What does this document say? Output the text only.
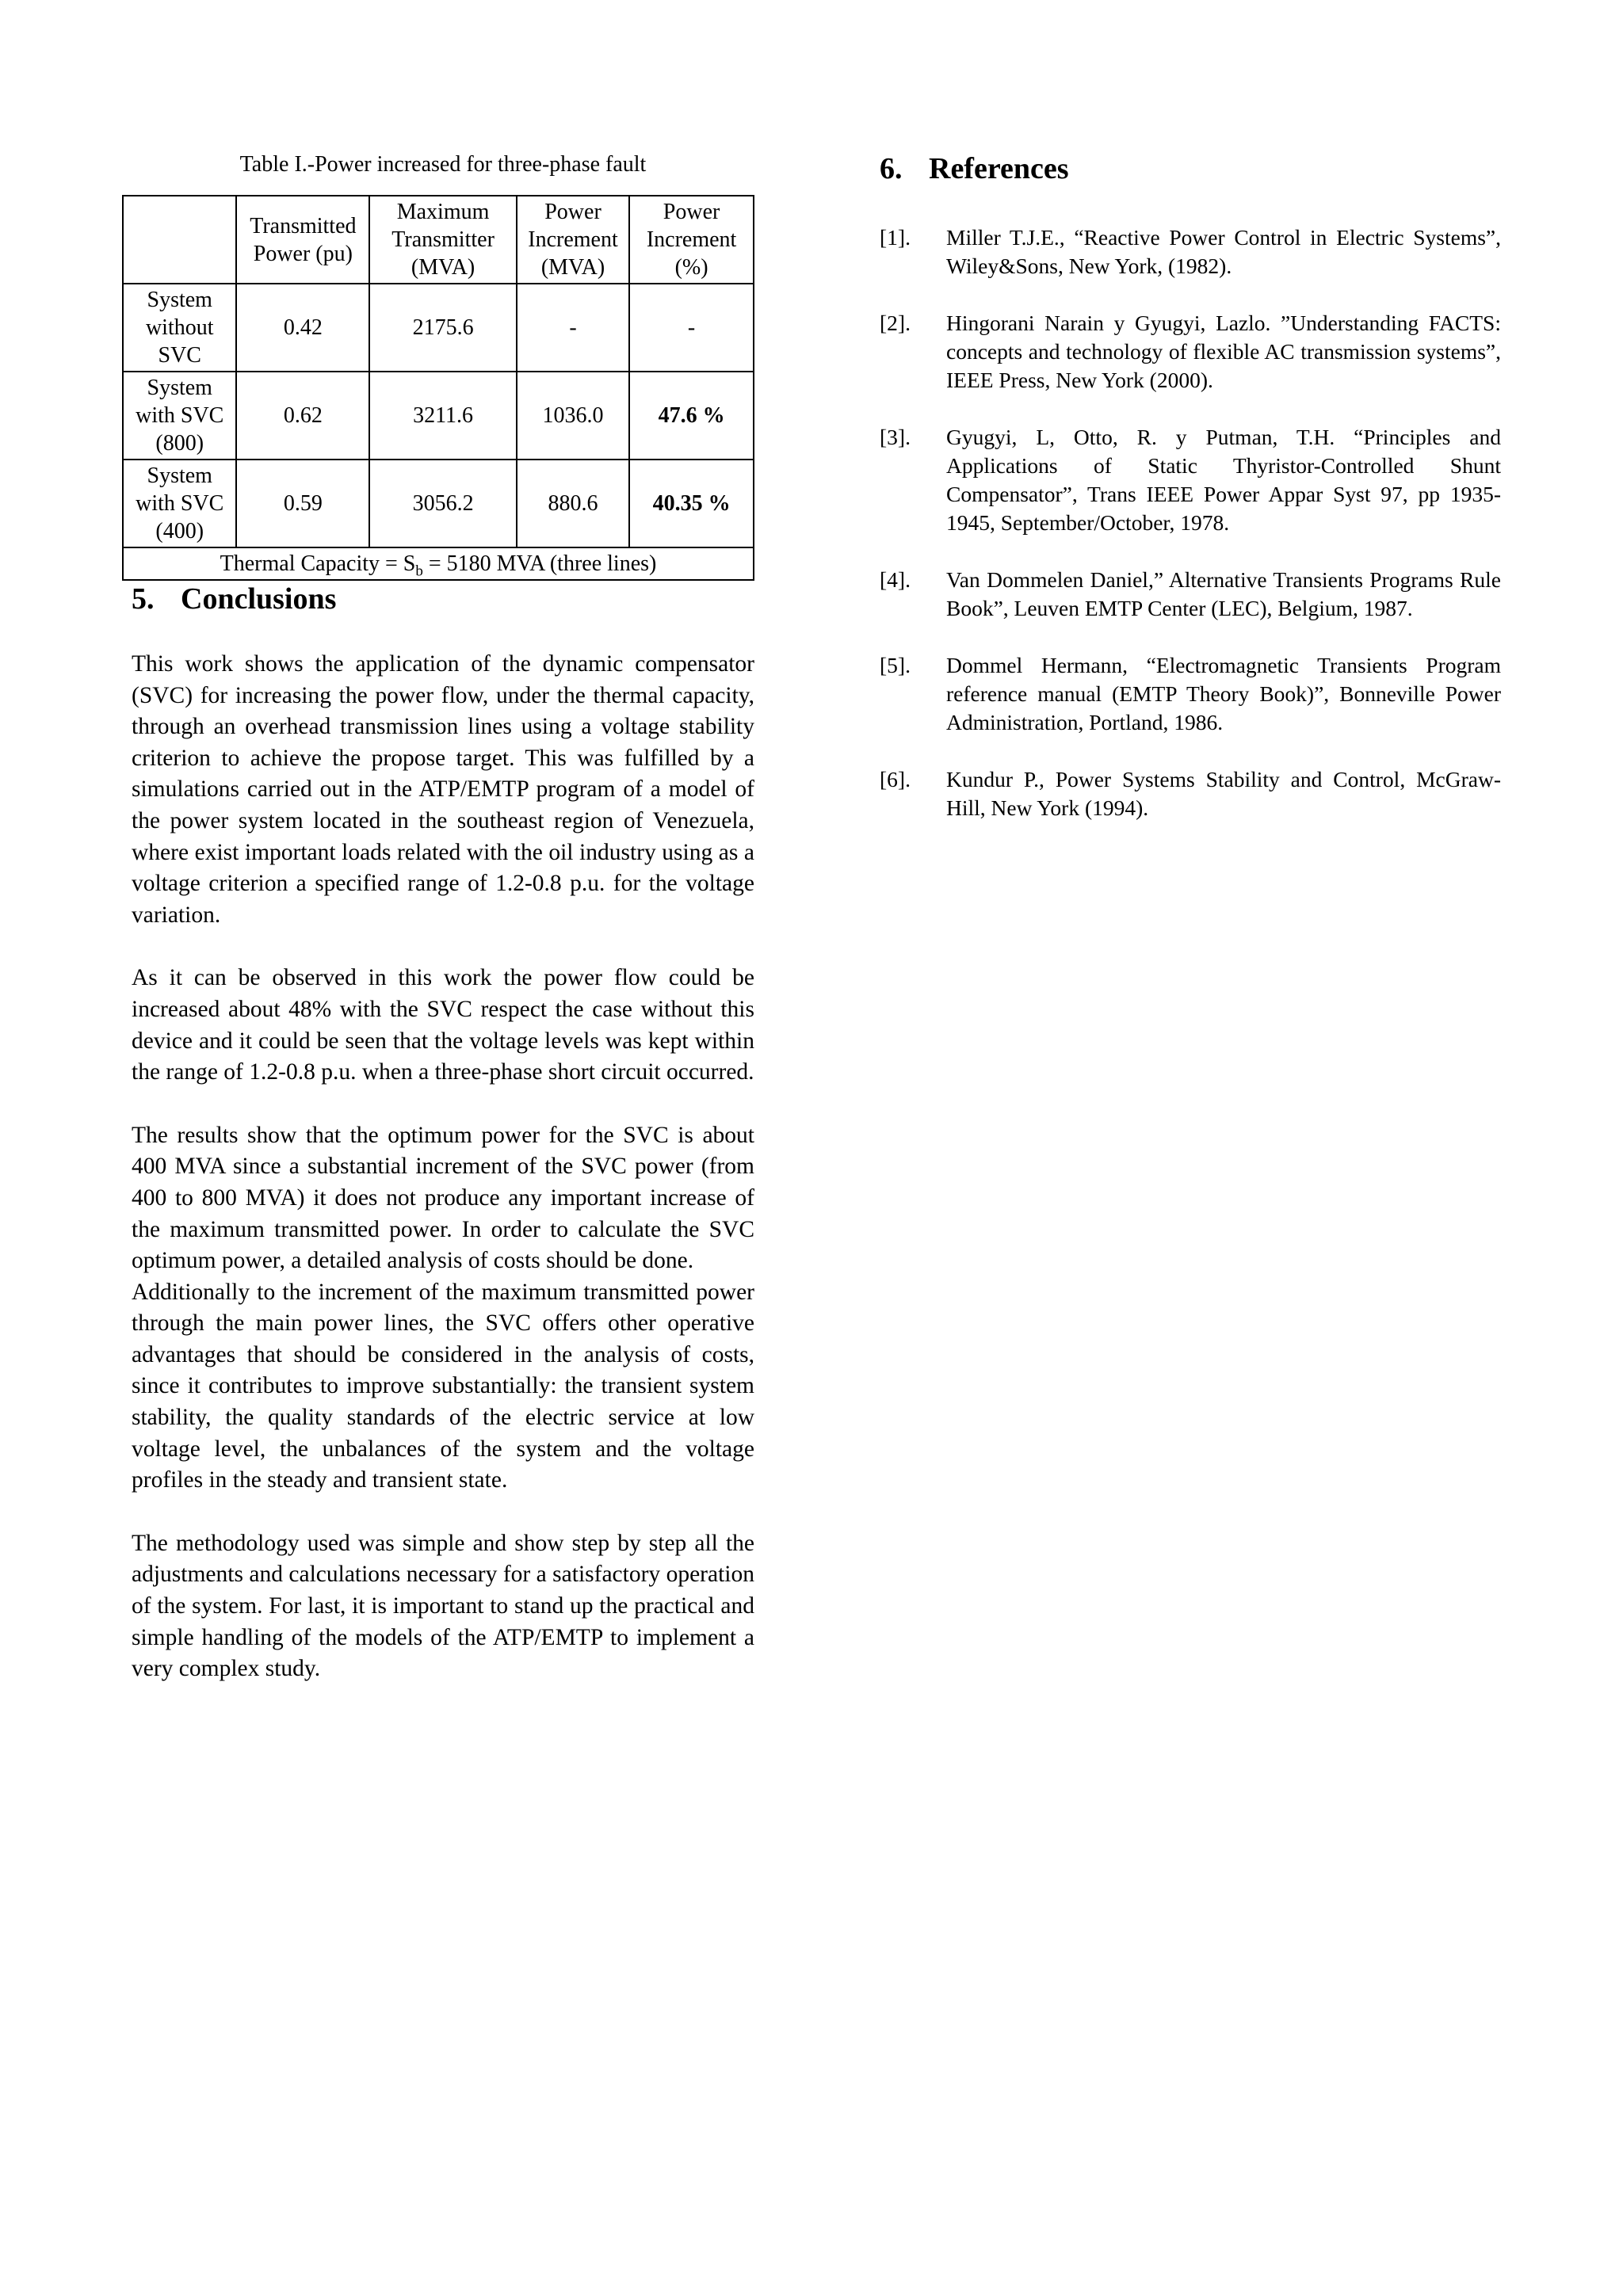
Table I.-Power increased for three-phase fault

	Transmitted Power (pu)	Maximum Transmitter (MVA)	Power Increment (MVA)	Power Increment (%)
System without SVC	0.42	2175.6	-	-
System with SVC (800)	0.62	3211.6	1036.0	47.6 %
System with SVC (400)	0.59	3056.2	880.6	40.35 %
Thermal Capacity = $S_b = 5180$ MVA (three lines)				
5. Conclusions

This work shows the application of the dynamic compensator (SVC) for increasing the power flow, under the thermal capacity, through an overhead transmission lines using a voltage stability criterion to achieve the propose target. This was fulfilled by a simulations carried out in the ATP/EMTP program of a model of the power system located in the southeast region of Venezuela, where exist important loads related with the oil industry using as a voltage criterion a specified range of 1.2-0.8 p.u. for the voltage variation.

As it can be observed in this work the power flow could be increased about 48% with the SVC respect the case without this device and it could be seen that the voltage levels was kept within the range of 1.2-0.8 p.u. when a three-phase short circuit occurred.

The results show that the optimum power for the SVC is about 400 MVA since a substantial increment of the SVC power (from 400 to 800 MVA) it does not produce any important increase of the maximum transmitted power. In order to calculate the SVC optimum power, a detailed analysis of costs should be done.

Additionally to the increment of the maximum transmitted power through the main power lines, the SVC offers other operative advantages that should be considered in the analysis of costs, since it contributes to improve substantially: the transient system stability, the quality standards of the electric service at low voltage level, the unbalances of the system and the voltage profiles in the steady and transient state.

The methodology used was simple and show step by step all the adjustments and calculations necessary for a satisfactory operation of the system. For last, it is important to stand up the practical and simple handling of the models of the ATP/EMTP to implement a very complex study.

6. References
[1].	Miller T.J.E., “Reactive Power Control in Electric Systems”, Wiley&Sons, New York, (1982).
[2].	Hingorani Narain y Gyugyi, Lazlo. ”Understanding FACTS: concepts and technology of flexible AC transmission systems”, IEEE Press, New York (2000).
[3].	Gyugyi, L, Otto, R. y Putman, T.H. “Principles and Applications of Static Thyristor-Controlled Shunt Compensator”, Trans IEEE Power Appar Syst 97, pp 1935-1945, September/October, 1978.
[4].	Van Dommelen Daniel,” Alternative Transients Programs Rule Book”, Leuven EMTP Center (LEC), Belgium, 1987.
[5].	Dommel Hermann, “Electromagnetic Transients Program reference manual (EMTP Theory Book)”, Bonneville Power Administration, Portland, 1986.
[6].	Kundur P., Power Systems Stability and Control, McGraw-Hill, New York (1994).
